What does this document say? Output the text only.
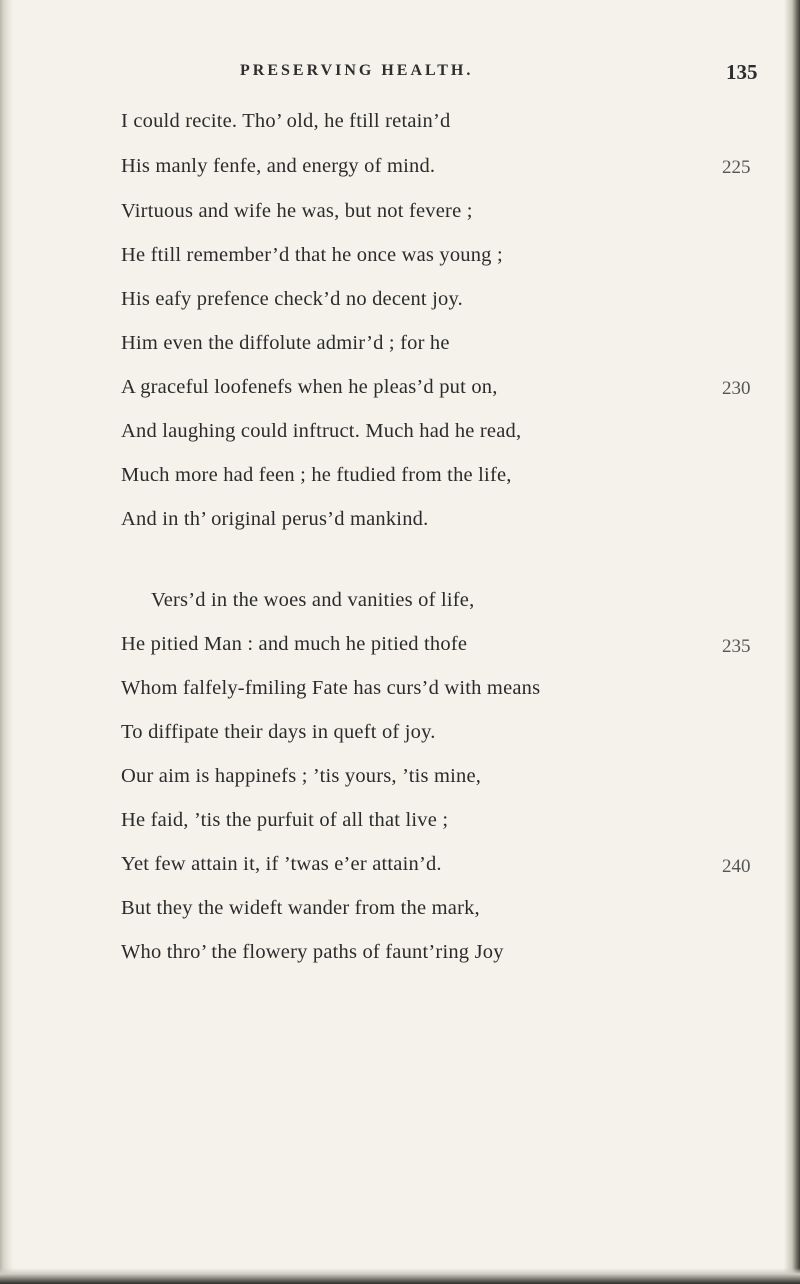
PRESERVING HEALTH.	135
I could recite. Tho’ old, he ftill retain’d
His manly fenfe, and energy of mind.	225
Virtuous and wife he was, but not fevere ;
He ftill remember’d that he once was young ;
His eafy prefence check’d no decent joy.
Him even the diffolute admir’d ; for he
A graceful loofenefs when he pleas’d put on,	230
And laughing could inftruct. Much had he read,
Much more had feen ; he ftudied from the life,
And in th’ original perus’d mankind.
Vers’d in the woes and vanities of life,
He pitied Man : and much he pitied thofe	235
Whom falfely-fmiling Fate has curs’d with means
To diffipate their days in queft of joy.
Our aim is happinefs ; ’tis yours, ’tis mine,
He faid, ’tis the purfuit of all that live ;
Yet few attain it, if ’twas e’er attain’d.	240
But they the wideft wander from the mark,
Who thro’ the flowery paths of faunt’ring Joy
